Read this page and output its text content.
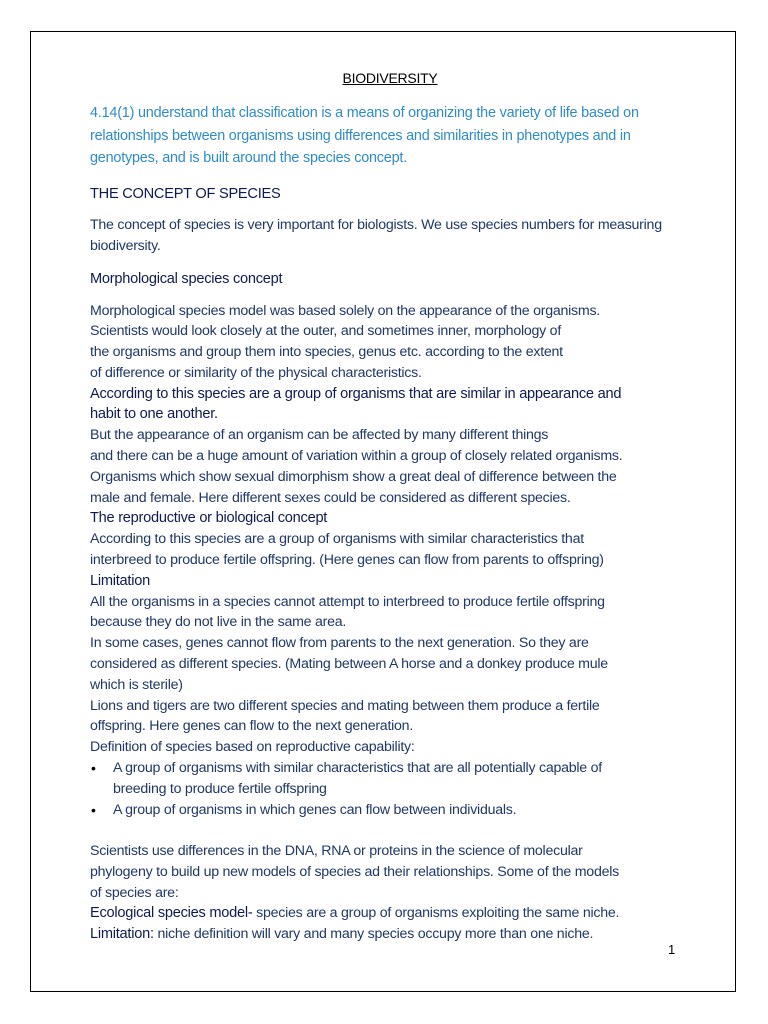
BIODIVERSITY
4.14(1) understand that classification is a means of organizing the variety of life based on relationships between organisms using differences and similarities in phenotypes and in genotypes, and is built around the species concept.
THE CONCEPT OF SPECIES
The concept of species is very important for biologists. We use species numbers for measuring biodiversity.
Morphological species concept
Morphological species model was based solely on the appearance of the organisms.
Scientists would look closely at the outer, and sometimes inner, morphology of
the organisms and group them into species, genus etc. according to the extent
of difference or similarity of the physical characteristics.
According to this species are a group of organisms that are similar in appearance and
habit to one another.
But the appearance of an organism can be affected by many different things
and there can be a huge amount of variation within a group of closely related organisms.
Organisms which show sexual dimorphism show a great deal of difference between the
male and female. Here different sexes could be considered as different species.
The reproductive or biological concept
According to this species are a group of organisms with similar characteristics that
interbreed to produce fertile offspring. (Here genes can flow from parents to offspring)
Limitation
All the organisms in a species cannot attempt to interbreed to produce fertile offspring
because they do not live in the same area.
In some cases, genes cannot flow from parents to the next generation. So they are
considered as different species. (Mating between A horse and a donkey produce mule
which is sterile)
Lions and tigers are two different species and mating between them produce a fertile
offspring. Here genes can flow to the next generation.
Definition of species based on reproductive capability:
• A group of organisms with similar characteristics that are all potentially capable of
breeding to produce fertile offspring
• A group of organisms in which genes can flow between individuals.
Scientists use differences in the DNA, RNA or proteins in the science of molecular
phylogeny to build up new models of species ad their relationships. Some of the models
of species are:
Ecological species model- species are a group of organisms exploiting the same niche.
Limitation: niche definition will vary and many species occupy more than one niche.
1
